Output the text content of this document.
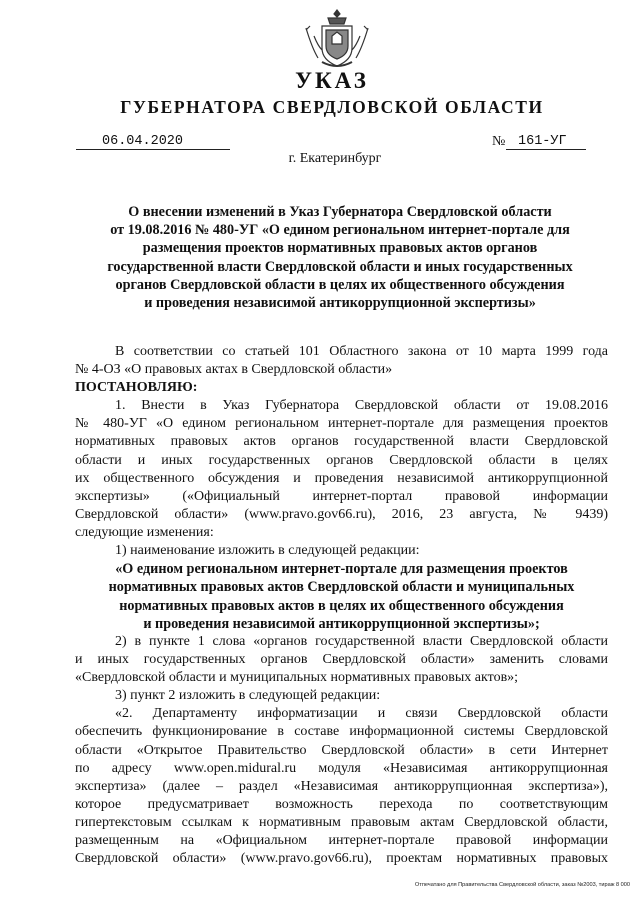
УКАЗ
ГУБЕРНАТОРА СВЕРДЛОВСКОЙ ОБЛАСТИ
06.04.2020	№ 161-УГ
г. Екатеринбург
О внесении изменений в Указ Губернатора Свердловской области
от 19.08.2016 № 480-УГ «О едином региональном интернет-портале для
размещения проектов нормативных правовых актов органов
государственной власти Свердловской области и иных государственных
органов Свердловской области в целях их общественного обсуждения
и проведения независимой антикоррупционной экспертизы»
В соответствии со статьей 101 Областного закона от 10 марта 1999 года
№ 4-ОЗ «О правовых актах в Свердловской области»
ПОСТАНОВЛЯЮ:
1. Внести в Указ Губернатора Свердловской области от 19.08.2016
№ 480-УГ «О едином региональном интернет-портале для размещения проектов
нормативных правовых актов органов государственной власти Свердловской
области и иных государственных органов Свердловской области в целях
их общественного обсуждения и проведения независимой антикоррупционной
экспертизы» («Официальный интернет-портал правовой информации
Свердловской области» (www.pravo.gov66.ru), 2016, 23 августа, № 9439)
следующие изменения:
1) наименование изложить в следующей редакции:
«О едином региональном интернет-портале для размещения проектов
нормативных правовых актов Свердловской области и муниципальных
нормативных правовых актов в целях их общественного обсуждения
и проведения независимой антикоррупционной экспертизы»;
2) в пункте 1 слова «органов государственной власти Свердловской области
и иных государственных органов Свердловской области» заменить словами
«Свердловской области и муниципальных нормативных правовых актов»;
3) пункт 2 изложить в следующей редакции:
«2. Департаменту информатизации и связи Свердловской области
обеспечить функционирование в составе информационной системы Свердловской
области «Открытое Правительство Свердловской области» в сети Интернет
по адресу www.open.midural.ru модуля «Независимая антикоррупционная
экспертиза» (далее – раздел «Независимая антикоррупционная экспертиза»),
которое предусматривает возможность перехода по соответствующим
гипертекстовым ссылкам к нормативным правовым актам Свердловской области,
размещенным на «Официальном интернет-портале правовой информации
Свердловской области» (www.pravo.gov66.ru), проектам нормативных правовых
Отпечатано для Правительства Свердловской области, заказ №2003, тираж 8 000
